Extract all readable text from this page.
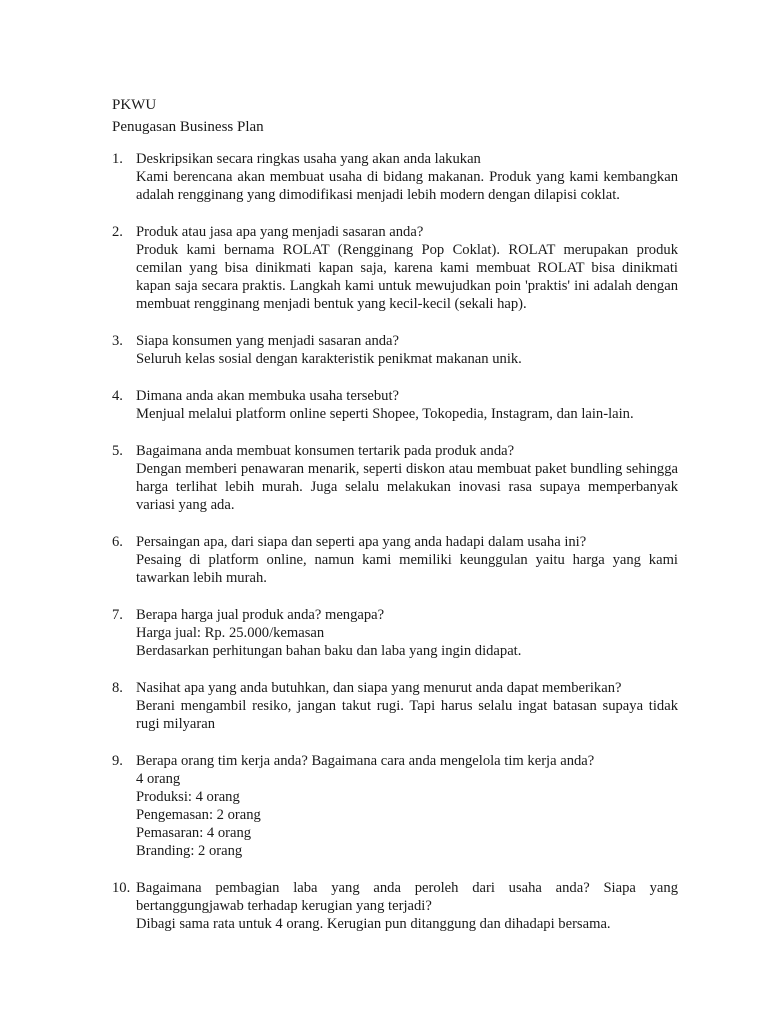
PKWU
Penugasan Business Plan
1. Deskripsikan secara ringkas usaha yang akan anda lakukan
Kami berencana akan membuat usaha di bidang makanan. Produk yang kami kembangkan adalah rengginang yang dimodifikasi menjadi lebih modern dengan dilapisi coklat.
2. Produk atau jasa apa yang menjadi sasaran anda?
Produk kami bernama ROLAT (Rengginang Pop Coklat). ROLAT merupakan produk cemilan yang bisa dinikmati kapan saja, karena kami membuat ROLAT bisa dinikmati kapan saja secara praktis. Langkah kami untuk mewujudkan poin 'praktis' ini adalah dengan membuat rengginang menjadi bentuk yang kecil-kecil (sekali hap).
3. Siapa konsumen yang menjadi sasaran anda?
Seluruh kelas sosial dengan karakteristik penikmat makanan unik.
4. Dimana anda akan membuka usaha tersebut?
Menjual melalui platform online seperti Shopee, Tokopedia, Instagram, dan lain-lain.
5. Bagaimana anda membuat konsumen tertarik pada produk anda?
Dengan memberi penawaran menarik, seperti diskon atau membuat paket bundling sehingga harga terlihat lebih murah. Juga selalu melakukan inovasi rasa supaya memperbanyak variasi yang ada.
6. Persaingan apa, dari siapa dan seperti apa yang anda hadapi dalam usaha ini?
Pesaing di platform online, namun kami memiliki keunggulan yaitu harga yang kami tawarkan lebih murah.
7. Berapa harga jual produk anda? mengapa?
Harga jual: Rp. 25.000/kemasan
Berdasarkan perhitungan bahan baku dan laba yang ingin didapat.
8. Nasihat apa yang anda butuhkan, dan siapa yang menurut anda dapat memberikan?
Berani mengambil resiko, jangan takut rugi. Tapi harus selalu ingat batasan supaya tidak rugi milyaran
9. Berapa orang tim kerja anda? Bagaimana cara anda mengelola tim kerja anda?
4 orang
Produksi: 4 orang
Pengemasan: 2 orang
Pemasaran: 4 orang
Branding: 2 orang
10. Bagaimana pembagian laba yang anda peroleh dari usaha anda? Siapa yang bertanggungjawab terhadap kerugian yang terjadi?
Dibagi sama rata untuk 4 orang. Kerugian pun ditanggung dan dihadapi bersama.
